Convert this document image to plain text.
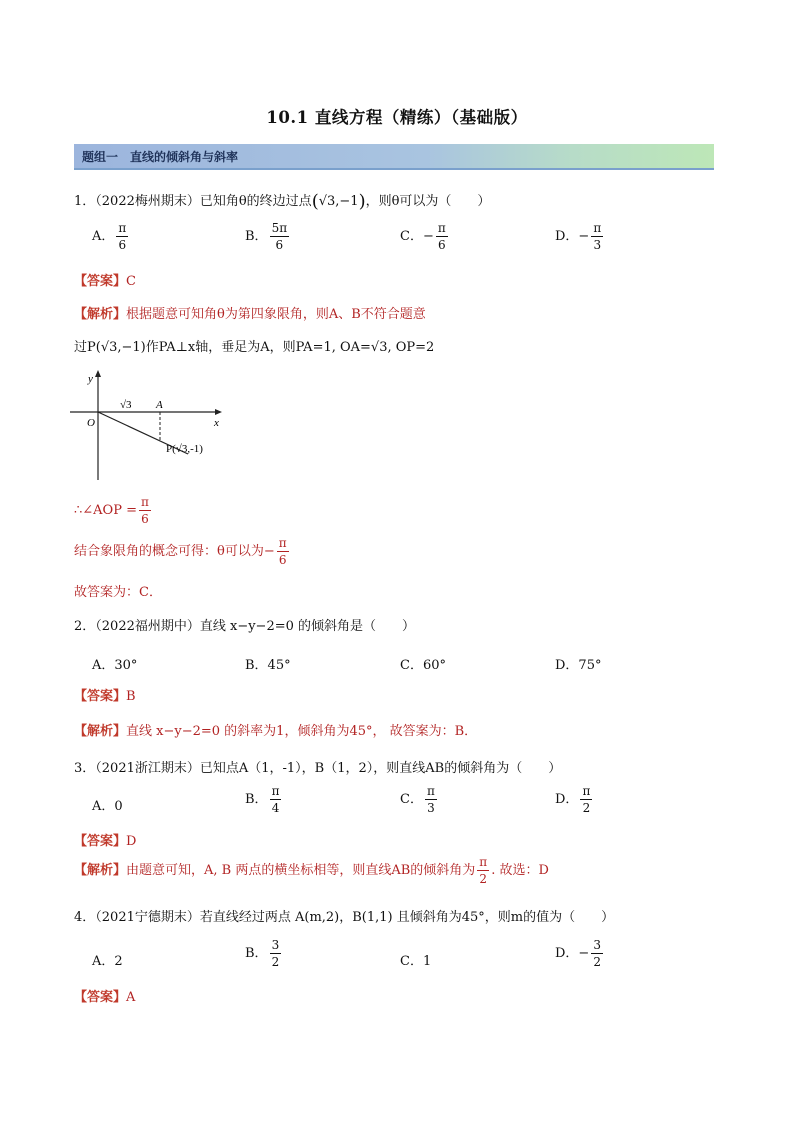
10.1 直线方程（精练）（基础版）
题组一　直线的倾斜角与斜率
1．（2022梅州期末）已知角θ的终边过点(√3,−1)，则θ可以为（　　）
A． $\frac{\pi}{6}$	B． $\frac{5\pi}{6}$	C．− $\frac{\pi}{6}$	D．− $\frac{\pi}{3}$
【答案】C
【解析】根据题意可知角θ为第四象限角，则A、B不符合题意
过P(√3,−1)作PA⊥x轴，垂足为A，则PA=1, OA=√3, OP=2
y
x
O
√3 A
P(√3,-1)
∴∠AOP = $\frac{\pi}{6}$
结合象限角的概念可得：θ可以为− $\frac{\pi}{6}$
故答案为：C．
2．（2022福州期中）直线 x−y−2=0 的倾斜角是（　　）
A．30°	B．45°	C．60°	D．75°
【答案】B
【解析】直线 x−y−2=0 的斜率为1，倾斜角为45°， 故答案为：B．
3．（2021浙江期末）已知点A（1，-1），B（1，2），则直线AB的倾斜角为（　　）
A．0	B． $\frac{\pi}{4}$	C． $\frac{\pi}{3}$	D． $\frac{\pi}{2}$
【答案】D
【解析】由题意可知，A, B 两点的横坐标相等，则直线AB的倾斜角为 $\frac{\pi}{2}$ . 故选：D
4．（2021宁德期末）若直线经过两点 A(m,2)，B(1,1) 且倾斜角为45°，则m的值为（　　）
A．2
B． $\frac{3}{2}$	C．1
D．− $\frac{3}{2}$
【答案】A
